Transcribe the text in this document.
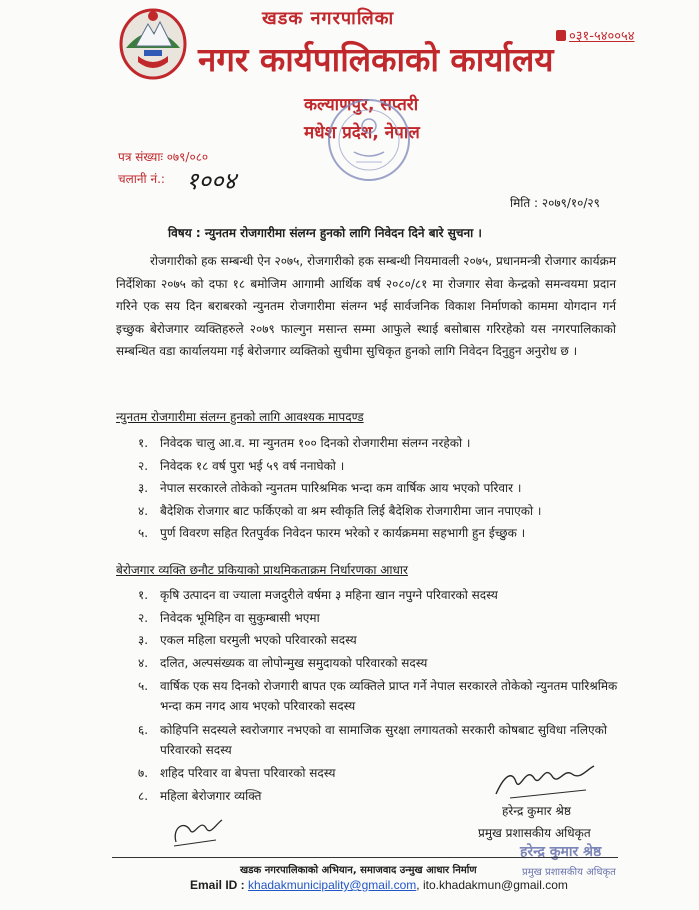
खडक नगरपालिका
नगर कार्यपालिकाको कार्यालय
०३१-५४००५४
कल्याणपुर, सप्तरी
मधेश प्रदेश, नेपाल
पत्र संख्याः ०७९/०८०
चलानी नं.: १००४
मिति : २०७९/१०/२९
विषय : न्युनतम रोजगारीमा संलग्न हुनको लागि निवेदन दिने बारे सुचना ।
रोजगारीको हक सम्बन्धी ऐन २०७५, रोजगारीको हक सम्बन्धी नियमावली २०७५, प्रधानमन्त्री रोजगार कार्यक्रम निर्देशिका २०७५ को दफा १८ बमोजिम आगामी आर्थिक वर्ष २०८०/८१ मा रोजगार सेवा केन्द्रको समन्वयमा प्रदान गरिने एक सय दिन बराबरको न्युनतम रोजगारीमा संलग्न भई सार्वजनिक विकाश निर्माणको काममा योगदान गर्न इच्छुक बेरोजगार व्यक्तिहरुले २०७९ फाल्गुन मसान्त सम्मा आफुले स्थाई बसोबास गरिरहेको यस नगरपालिकाको सम्बन्धित वडा कार्यालयमा गई बेरोजगार व्यक्तिको सुचीमा सुचिकृत हुनको लागि निवेदन दिनुहुन अनुरोध छ ।
न्युनतम रोजगारीमा संलग्न हुनको लागि आवश्यक मापदण्ड
१. निवेदक चालु आ.व. मा न्युनतम १०० दिनको रोजगारीमा संलग्न नरहेको ।
२. निवेदक १८ वर्ष पुरा भई ५९ वर्ष ननाघेको ।
३. नेपाल सरकारले तोकेको न्युनतम पारिश्रमिक भन्दा कम वार्षिक आय भएको परिवार ।
४. बैदेशिक रोजगार बाट फर्किएको वा श्रम स्वीकृति लिई बैदेशिक रोजगारीमा जान नपाएको ।
५. पुर्ण विवरण सहित रितपुर्वक निवेदन फारम भरेको र कार्यक्रममा सहभागी हुन ईच्छुक ।
बेरोजगार व्यक्ति छनौट प्रकियाको प्राथमिकताक्रम निर्धारणका आधार
१. कृषि उत्पादन वा ज्याला मजदुरीले वर्षमा ३ महिना खान नपुग्ने परिवारको सदस्य
२. निवेदक भूमिहिन वा सुकुम्बासी भएमा
३. एकल महिला घरमुली भएको परिवारको सदस्य
४. दलित, अल्पसंख्यक वा लोपोन्मुख समुदायको परिवारको सदस्य
५. वार्षिक एक सय दिनको रोजगारी बापत एक व्यक्तिले प्राप्त गर्ने नेपाल सरकारले तोकेको न्युनतम पारिश्रमिक भन्दा कम नगद आय भएको परिवारको सदस्य
६. कोहिपनि सदस्यले स्वरोजगार नभएको वा सामाजिक सुरक्षा लगायतको सरकारी कोषबाट सुविधा नलिएको परिवारको सदस्य
७. शहिद परिवार वा बेपत्ता परिवारको सदस्य
८. महिला बेरोजगार व्यक्ति
हरेन्द्र कुमार श्रेष्ठ
प्रमुख प्रशासकीय अधिकृत
हरेन्द्र कुमार श्रेष्ठ
प्रमुख प्रशासकीय अधिकृत
खडक नगरपालिकाको अभियान, समाजवाद उन्मुख आधार निर्माण
Email ID : khadakmunicipality@gmail.com, ito.khadakmun@gmail.com
